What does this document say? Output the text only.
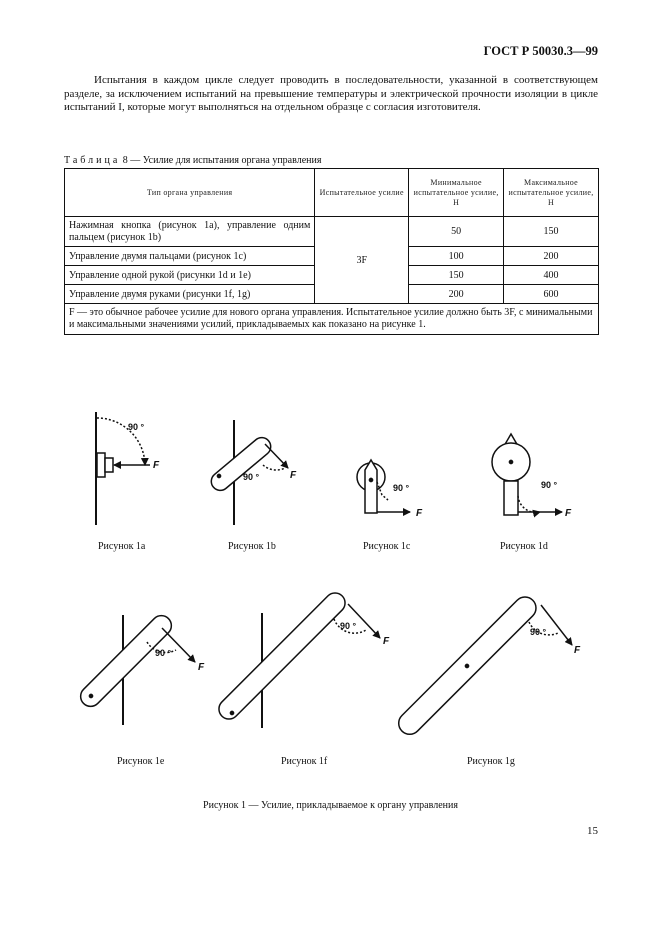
ГОСТ Р 50030.3—99
Испытания в каждом цикле следует проводить в последовательности, указанной в соответствующем разделе, за исключением испытаний на превышение температуры и электрической прочности изоляции в цикле испытаний I, которые могут выполняться на отдельном образце с согласия изготовителя.
Таблица 8 — Усилие для испытания органа управления
Тип органа управления	Испытательное усилие	Минимальное испытательное усилие, Н	Максимальное испытательное усилие, Н
Нажимная кнопка (рисунок 1a), управление одним пальцем (рисунок 1b)	3F	50	150
Управление двумя пальцами (рисунок 1c)		100	200
Управление одной рукой (рисунки 1d и 1e)		150	400
Управление двумя руками (рисунки 1f, 1g)		200	600
F — это обычное рабочее усилие для нового органа управления. Испытательное усилие должно быть 3F, с минимальными и максимальными значениями усилий, прикладываемых как показано на рисунке 1.			
90 °
F
90 °	F
90 °
F
90 °
F
90 °
F
90 °
F
90 °
F
Рисунок 1a	Рисунок 1b	Рисунок 1c	Рисунок 1d
Рисунок 1e	Рисунок 1f	Рисунок 1g
Рисунок 1 — Усилие, прикладываемое к органу управления
15
